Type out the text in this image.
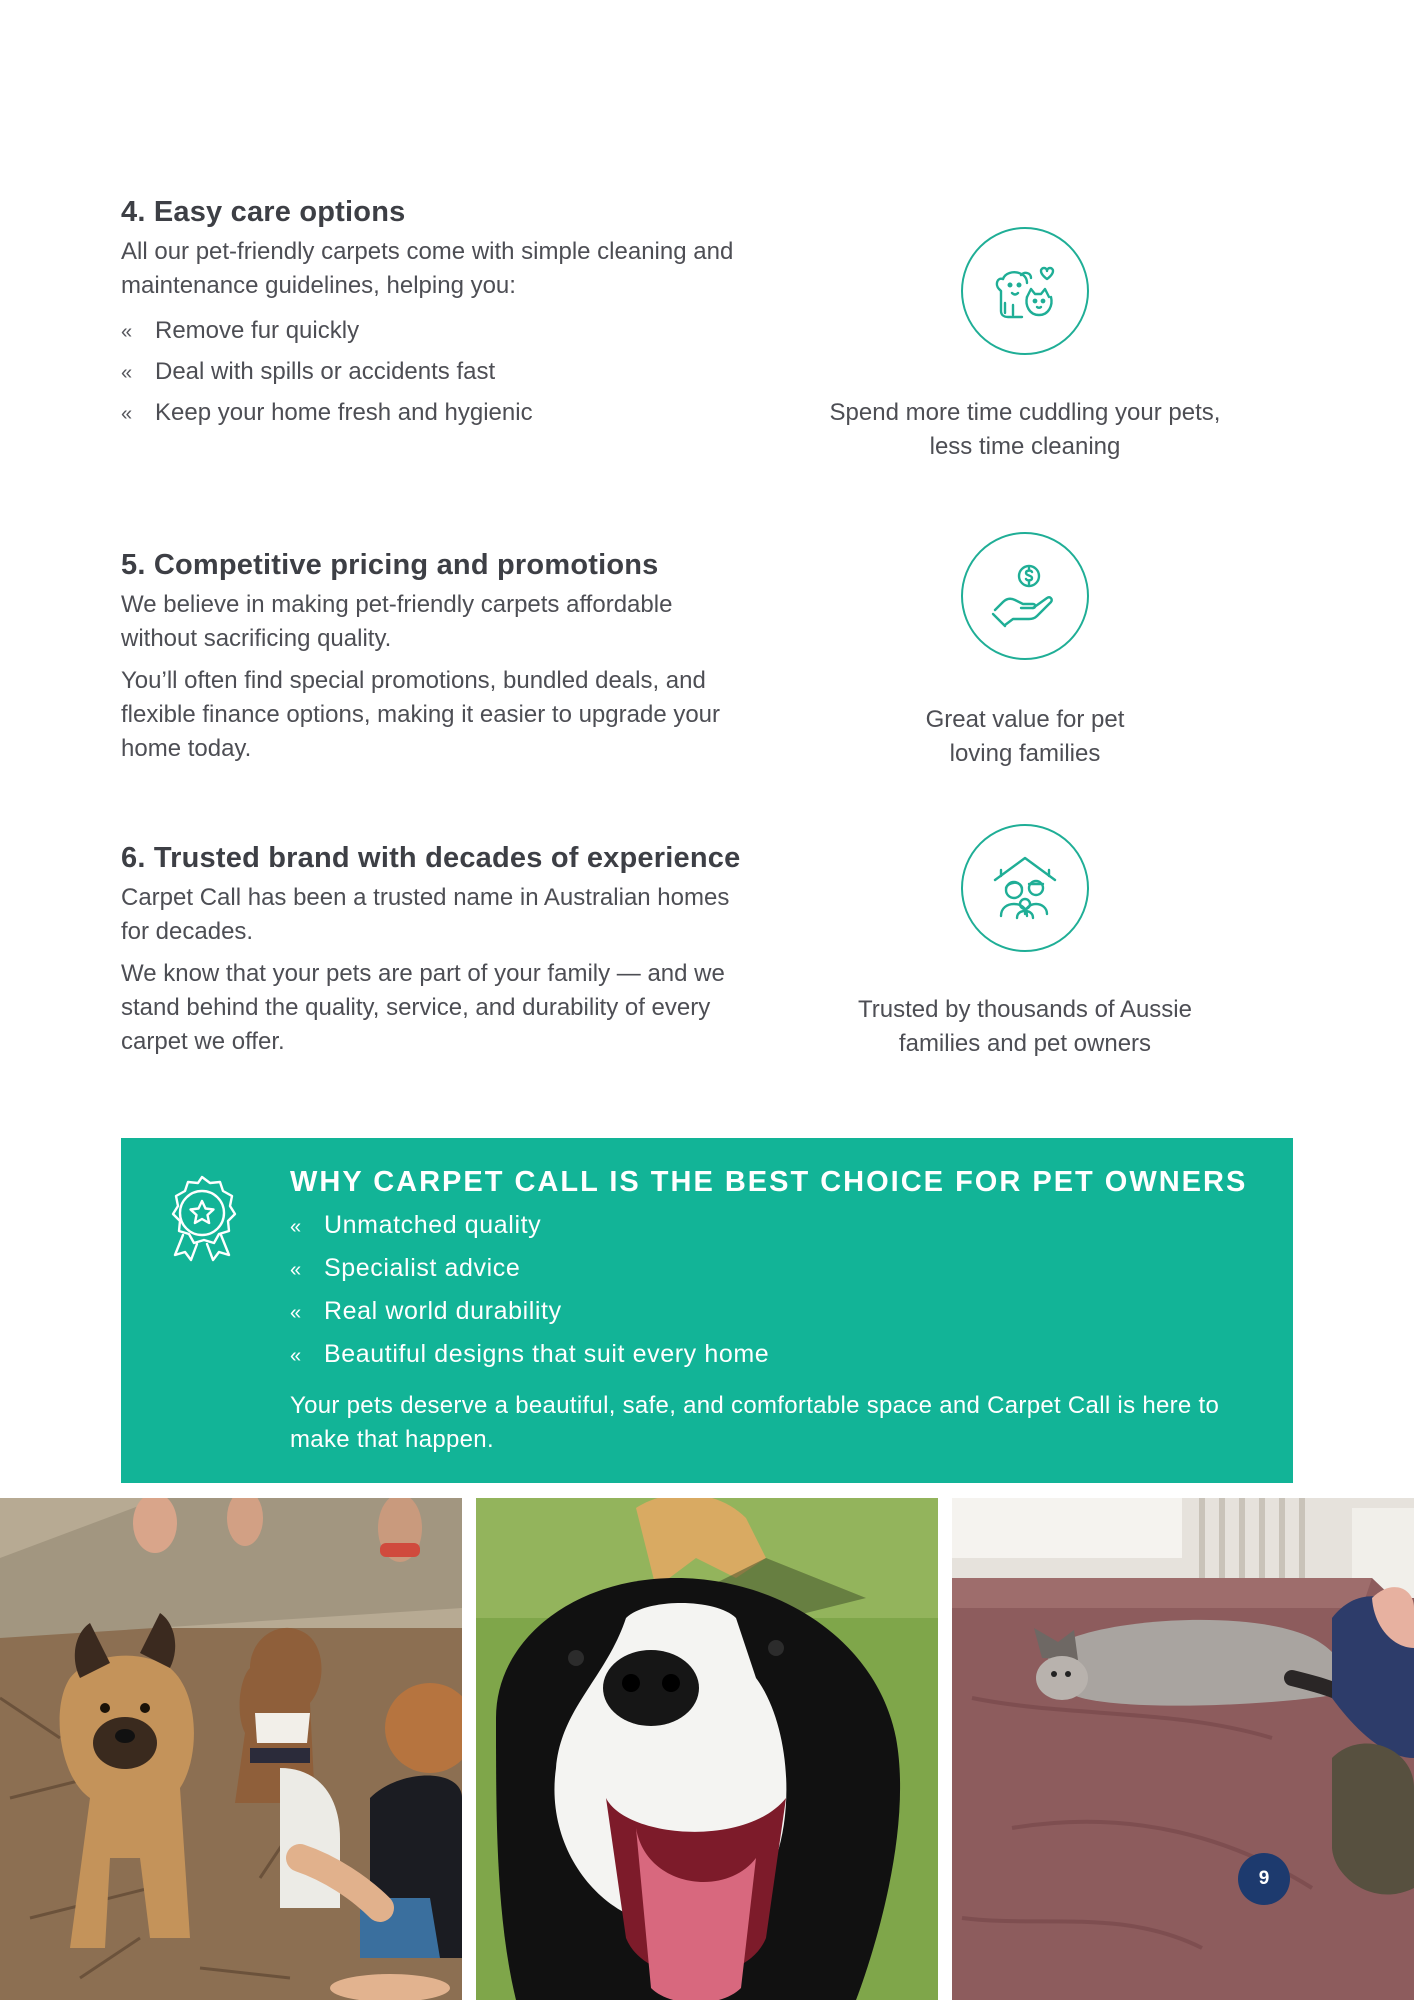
4. Easy care options

All our pet-friendly carpets come with simple cleaning and maintenance guidelines, helping you:

« Remove fur quickly
« Deal with spills or accidents fast
« Keep your home fresh and hygienic
5. Competitive pricing and promotions

We believe in making pet-friendly carpets affordable without sacrificing quality.

You’ll often find special promotions, bundled deals, and flexible finance options, making it easier to upgrade your home today.

6. Trusted brand with decades of experience

Carpet Call has been a trusted name in Australian homes for decades.

We know that your pets are part of your family — and we stand behind the quality, service, and durability of every carpet we offer.

Spend more time cuddling your pets,
less time cleaning
Great value for pet
loving families
Trusted by thousands of Aussie
families and pet owners
WHY CARPET CALL IS THE BEST CHOICE FOR PET OWNERS
« Unmatched quality
« Specialist advice
« Real world durability
« Beautiful designs that suit every home

Your pets deserve a beautiful, safe, and comfortable space and Carpet Call is here to make that happen.

9
